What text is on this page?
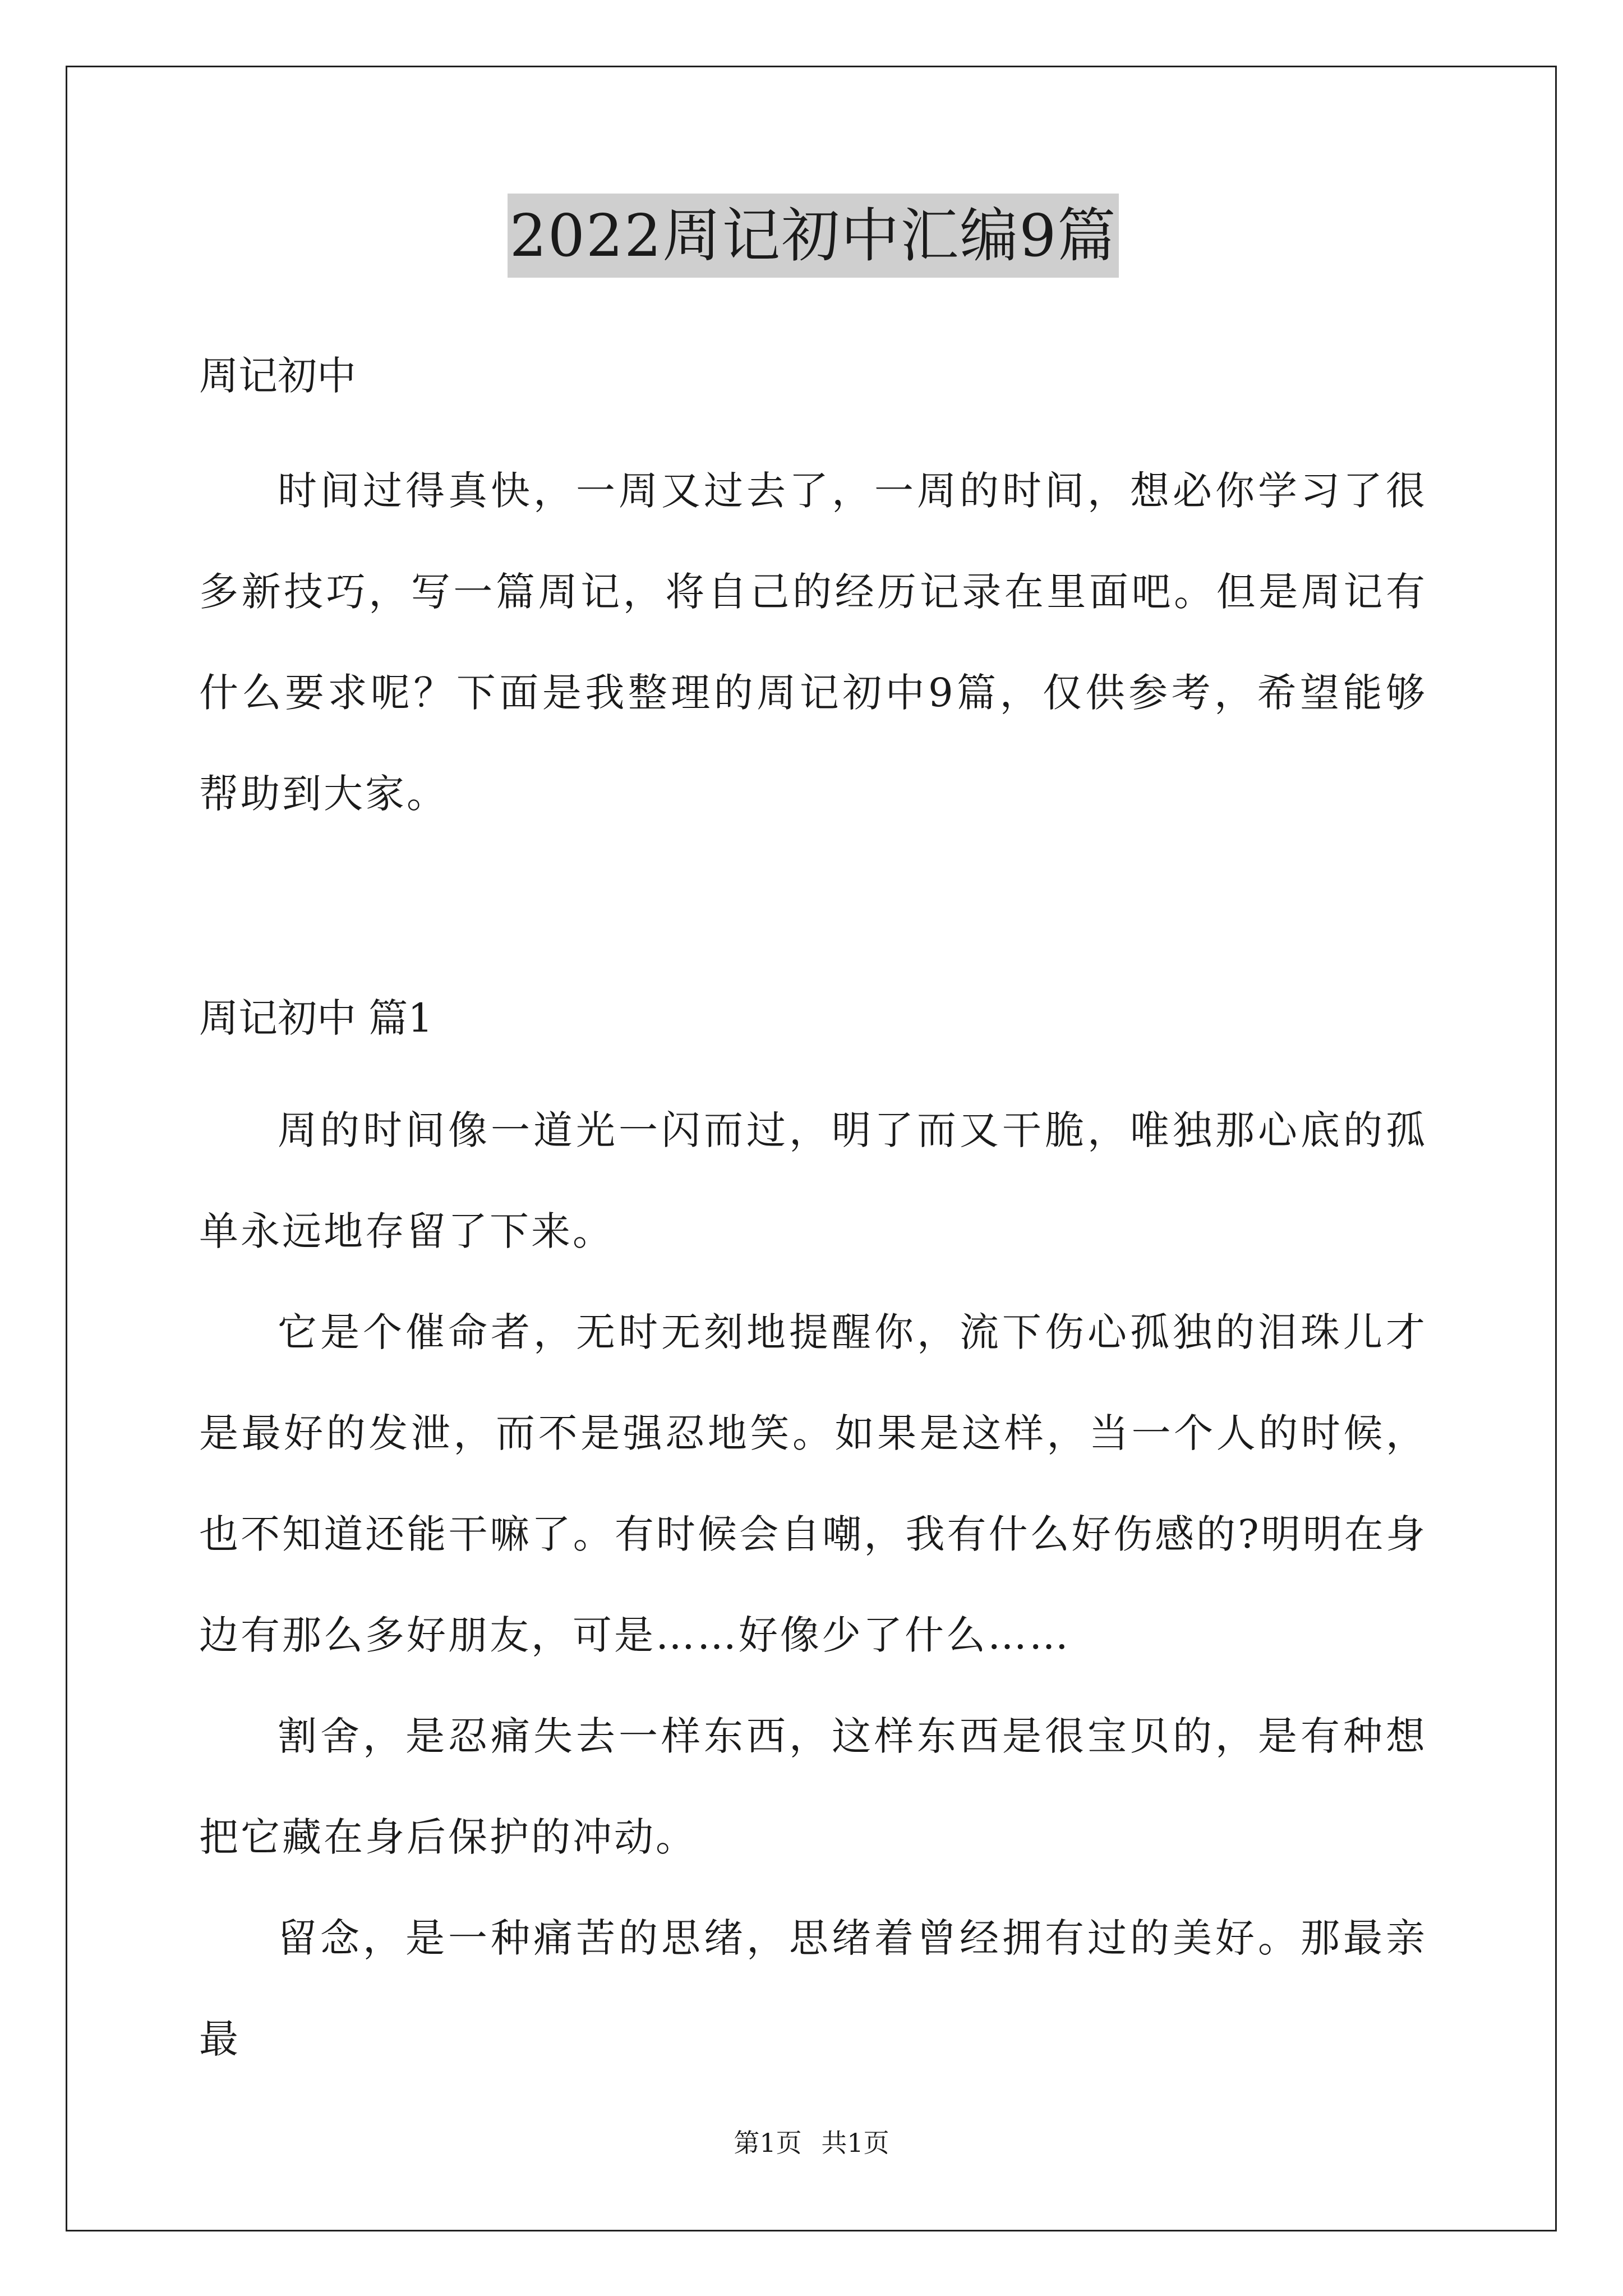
2022周记初中汇编9篇
周记初中

时间过得真快，一周又过去了，一周的时间，想必你学习了很多新技巧，写一篇周记，将自己的经历记录在里面吧。但是周记有什么要求呢？下面是我整理的周记初中9篇，仅供参考，希望能够帮助到大家。

周记初中 篇1

周的时间像一道光一闪而过，明了而又干脆，唯独那心底的孤单永远地存留了下来。

它是个催命者，无时无刻地提醒你，流下伤心孤独的泪珠儿才是最好的发泄，而不是强忍地笑。如果是这样，当一个人的时候，也不知道还能干嘛了。有时候会自嘲，我有什么好伤感的?明明在身边有那么多好朋友，可是……好像少了什么……

割舍，是忍痛失去一样东西，这样东西是很宝贝的，是有种想把它藏在身后保护的冲动。

留念，是一种痛苦的思绪，思绪着曾经拥有过的美好。那最亲最

第1页 共1页
